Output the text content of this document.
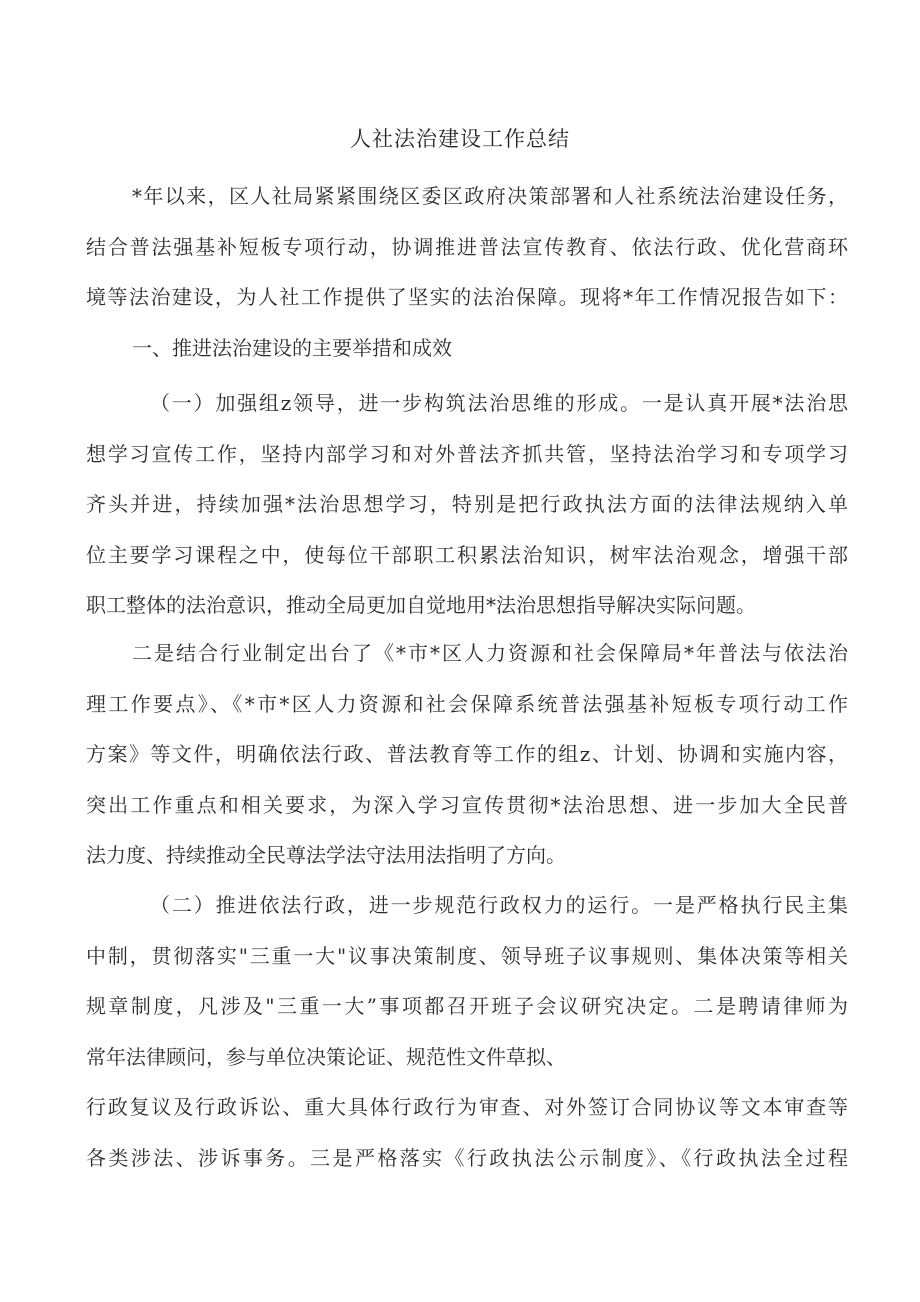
人社法治建设工作总结
*年以来，区人社局紧紧围绕区委区政府决策部署和人社系统法治建设任务，
结合普法强基补短板专项行动，协调推进普法宣传教育、依法行政、优化营商环
境等法治建设，为人社工作提供了坚实的法治保障。现将*年工作情况报告如下：
一、推进法治建设的主要举措和成效
（一）加强组z领导，进一步构筑法治思维的形成。一是认真开展*法治思
想学习宣传工作，坚持内部学习和对外普法齐抓共管，坚持法治学习和专项学习
齐头并进，持续加强*法治思想学习，特别是把行政执法方面的法律法规纳入单
位主要学习课程之中，使每位干部职工积累法治知识，树牢法治观念，增强干部
职工整体的法治意识，推动全局更加自觉地用*法治思想指导解决实际问题。
二是结合行业制定出台了《*市*区人力资源和社会保障局*年普法与依法治
理工作要点》、《*市*区人力资源和社会保障系统普法强基补短板专项行动工作
方案》等文件，明确依法行政、普法教育等工作的组z、计划、协调和实施内容，
突出工作重点和相关要求，为深入学习宣传贯彻*法治思想、进一步加大全民普
法力度、持续推动全民尊法学法守法用法指明了方向。
（二）推进依法行政，进一步规范行政权力的运行。一是严格执行民主集
中制，贯彻落实"三重一大"议事决策制度、领导班子议事规则、集体决策等相关
规章制度，凡涉及"三重一大”事项都召开班子会议研究决定。二是聘请律师为
常年法律顾问，参与单位决策论证、规范性文件草拟、
行政复议及行政诉讼、重大具体行政行为审查、对外签订合同协议等文本审查等
各类涉法、涉诉事务。三是严格落实《行政执法公示制度》、《行政执法全过程
